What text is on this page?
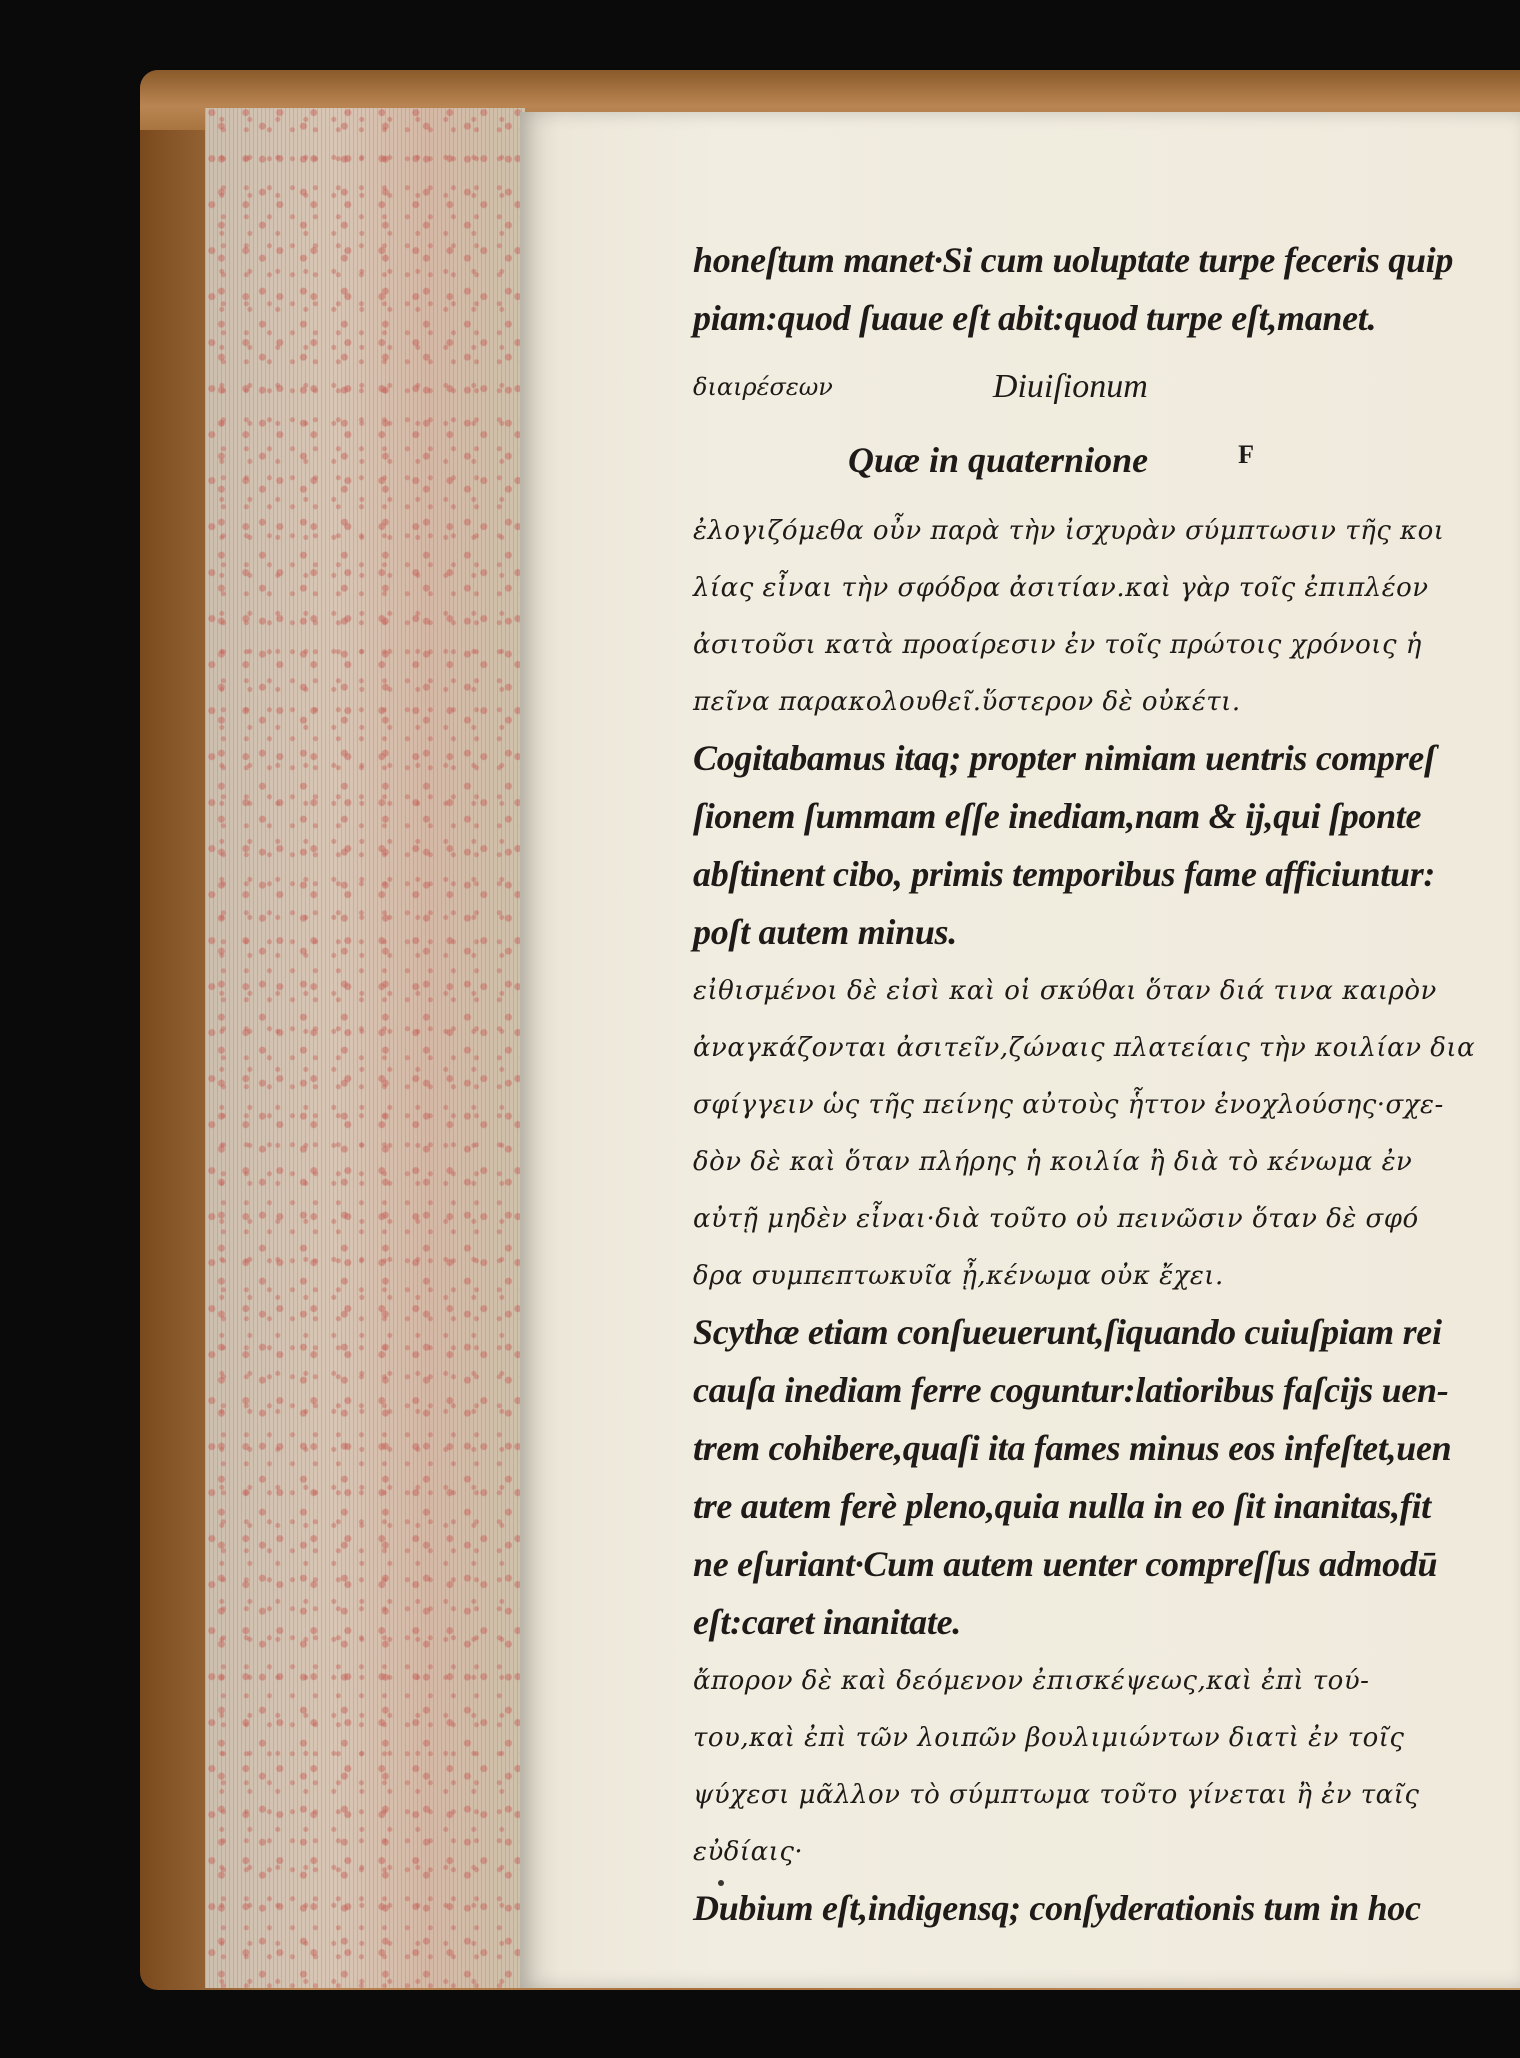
honeſtum manet·Si cum uoluptate turpe feceris quip
piam:quod ſuaue eſt abit:quod turpe eſt,manet.
διαιρέσεων	Diuiſionum
Quæ in quaternione	F
ἐλογιζόμεθα οὖν παρὰ τὴν ἰσχυρὰν σύμπτωσιν τῆς κοι
λίας εἶναι τὴν σφόδρα ἀσιτίαν.καὶ γὰρ τοῖς ἐπιπλέον
ἀσιτοῦσι κατὰ προαίρεσιν ἐν τοῖς πρώτοις χρόνοις ἡ
πεῖνα παρακολουθεῖ.ὕστερον δὲ οὐκέτι.
Cogitabamus itaq; propter nimiam uentris compreſ
ſionem ſummam eſſe inediam,nam & ij,qui ſponte
abſtinent cibo, primis temporibus fame afficiuntur:
poſt autem minus.
εἰθισμένοι δὲ εἰσὶ καὶ οἱ σκύθαι ὅταν διά τινα καιρὸν
ἀναγκάζονται ἀσιτεῖν,ζώναις πλατείαις τὴν κοιλίαν δια
σφίγγειν ὡς τῆς πείνης αὐτοὺς ἧττον ἐνοχλούσης·σχε-
δὸν δὲ καὶ ὅταν πλήρης ἡ κοιλία ἢ διὰ τὸ κένωμα ἐν
αὐτῇ μηδὲν εἶναι·διὰ τοῦτο οὐ πεινῶσιν ὅταν δὲ σφό
δρα συμπεπτωκυῖα ᾖ,κένωμα οὐκ ἔχει.
Scythæ etiam conſueuerunt,ſiquando cuiuſpiam rei
cauſa inediam ferre coguntur:latioribus faſcijs uen-
trem cohibere,quaſi ita fames minus eos infeſtet,uen
tre autem ferè pleno,quia nulla in eo ſit inanitas,fit
ne eſuriant·Cum autem uenter compreſſus admodū
eſt:caret inanitate.
ἄπορον δὲ καὶ δεόμενον ἐπισκέψεως,καὶ ἐπὶ τού-
του,καὶ ἐπὶ τῶν λοιπῶν βουλιμιώντων διατὶ ἐν τοῖς
ψύχεσι μᾶλλον τὸ σύμπτωμα τοῦτο γίνεται ἢ ἐν ταῖς
εὐδίαις·
Dubium eſt,indigensq; conſyderationis tum in hoc
